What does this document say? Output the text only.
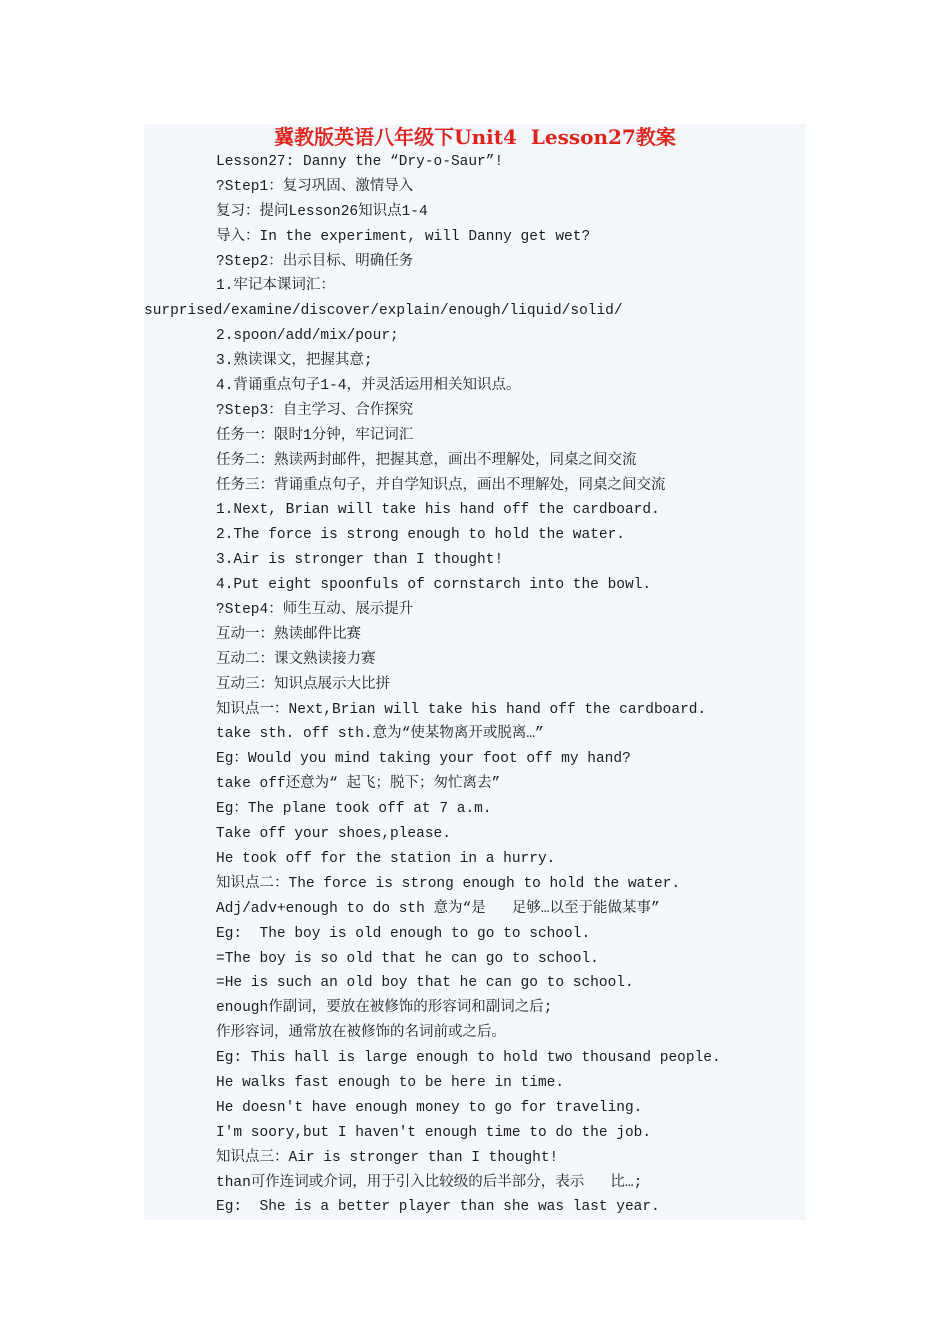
冀教版英语八年级下Unit4  Lesson27教案
Lesson27: Danny the “Dry-o-Saur”!
?Step1：复习巩固、激情导入
复习：提问Lesson26知识点1-4
导入：In the experiment, will Danny get wet?
?Step2：出示目标、明确任务
1.牢记本课词汇：
surprised/examine/discover/explain/enough/liquid/solid/
2.spoon/add/mix/pour;
3.熟读课文，把握其意;
4.背诵重点句子1-4，并灵活运用相关知识点。
?Step3：自主学习、合作探究
任务一：限时1分钟，牢记词汇
任务二：熟读两封邮件，把握其意，画出不理解处，同桌之间交流
任务三：背诵重点句子，并自学知识点，画出不理解处，同桌之间交流
1.Next, Brian will take his hand off the cardboard.
2.The force is strong enough to hold the water.
3.Air is stronger than I thought!
4.Put eight spoonfuls of cornstarch into the bowl.
?Step4：师生互动、展示提升
互动一：熟读邮件比赛
互动二：课文熟读接力赛
互动三：知识点展示大比拼
知识点一：Next,Brian will take his hand off the cardboard.
take sth. off sth.意为“使某物离开或脱离…”
Eg：Would you mind taking your foot off my hand?
take off还意为“ 起飞；脱下；匆忙离去”
Eg：The plane took off at 7 a.m.
Take off your shoes,please.
He took off for the station in a hurry.
知识点二：The force is strong enough to hold the water.
Adj/adv+enough to do sth 意为“是   足够…以至于能做某事”
Eg:  The boy is old enough to go to school.
=The boy is so old that he can go to school.
=He is such an old boy that he can go to school.
enough作副词，要放在被修饰的形容词和副词之后;
作形容词，通常放在被修饰的名词前或之后。
Eg: This hall is large enough to hold two thousand people.
He walks fast enough to be here in time.
He doesn't have enough money to go for traveling.
I'm soory,but I haven't enough time to do the job.
知识点三：Air is stronger than I thought!
than可作连词或介词，用于引入比较级的后半部分，表示   比…;
Eg:  She is a better player than she was last year.
